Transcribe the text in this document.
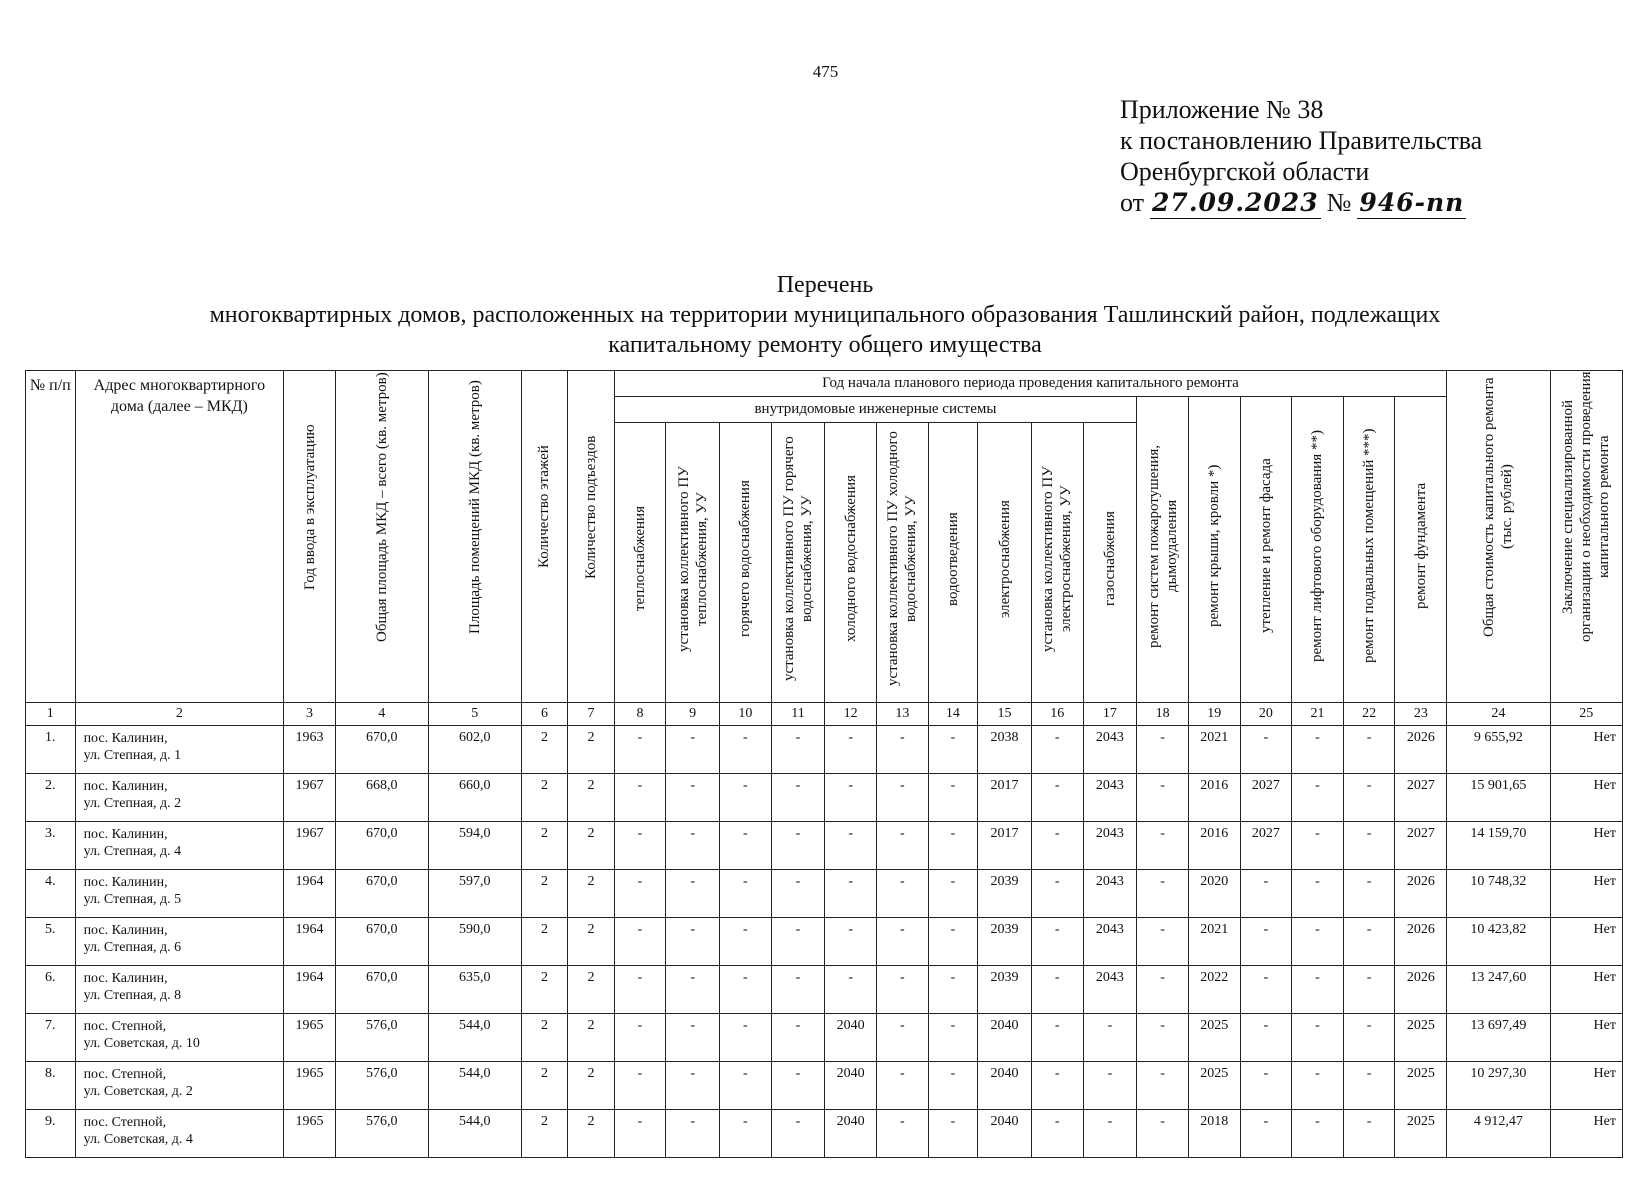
475
Приложение № 38
к постановлению Правительства
Оренбургской области
от 27.09.2023 № 946-пп
Перечень
многоквартирных домов, расположенных на территории муниципального образования Ташлинский район, подлежащих
капитальному ремонту общего имущества
№ п/п	Адрес многоквартирного дома (далее – МКД)	Год ввода в эксплуатацию	Общая площадь МКД – всего (кв. метров)	Площадь помещений МКД (кв. метров)	Количество этажей	Количество подъездов	Год начала планового периода проведения капитального ремонта																Общая стоимость капитального ремонта (тыс. рублей)	Заключение специализированной организации о необходимости проведения капитального ремонта

							внутридомовые инженерные системы										ремонт систем пожаротушения, дымоудаления	ремонт крыши, кровли *)	утепление и ремонт фасада	ремонт лифтового оборудования **)	ремонт подвальных помещений ***)	ремонт фундамента		

							теплоснабжения	установка коллективного ПУ теплоснабжения, УУ	горячего водоснабжения	установка коллективного ПУ горячего водоснабжения, УУ	холодного водоснабжения	установка коллективного ПУ холодного водоснабжения, УУ	водоотведения	электроснабжения	установка коллективного ПУ электроснабжения, УУ	газоснабжения								

1	2	3	4	5	6	7	8	9	10	11	12	13	14	15	16	17	18	19	20	21	22	23	24	25
1.	пос. Калинин,
ул. Степная, д. 1	1963	670,0	602,0	2	2	-	-	-	-	-	-	-	2038	-	2043	-	2021	-	-	-	2026	9 655,92	Нет
2.	пос. Калинин,
ул. Степная, д. 2	1967	668,0	660,0	2	2	-	-	-	-	-	-	-	2017	-	2043	-	2016	2027	-	-	2027	15 901,65	Нет
3.	пос. Калинин,
ул. Степная, д. 4	1967	670,0	594,0	2	2	-	-	-	-	-	-	-	2017	-	2043	-	2016	2027	-	-	2027	14 159,70	Нет
4.	пос. Калинин,
ул. Степная, д. 5	1964	670,0	597,0	2	2	-	-	-	-	-	-	-	2039	-	2043	-	2020	-	-	-	2026	10 748,32	Нет
5.	пос. Калинин,
ул. Степная, д. 6	1964	670,0	590,0	2	2	-	-	-	-	-	-	-	2039	-	2043	-	2021	-	-	-	2026	10 423,82	Нет
6.	пос. Калинин,
ул. Степная, д. 8	1964	670,0	635,0	2	2	-	-	-	-	-	-	-	2039	-	2043	-	2022	-	-	-	2026	13 247,60	Нет
7.	пос. Степной,
ул. Советская, д. 10	1965	576,0	544,0	2	2	-	-	-	-	2040	-	-	2040	-	-	-	2025	-	-	-	2025	13 697,49	Нет
8.	пос. Степной,
ул. Советская, д. 2	1965	576,0	544,0	2	2	-	-	-	-	2040	-	-	2040	-	-	-	2025	-	-	-	2025	10 297,30	Нет
9.	пос. Степной,
ул. Советская, д. 4	1965	576,0	544,0	2	2	-	-	-	-	2040	-	-	2040	-	-	-	2018	-	-	-	2025	4 912,47	Нет
